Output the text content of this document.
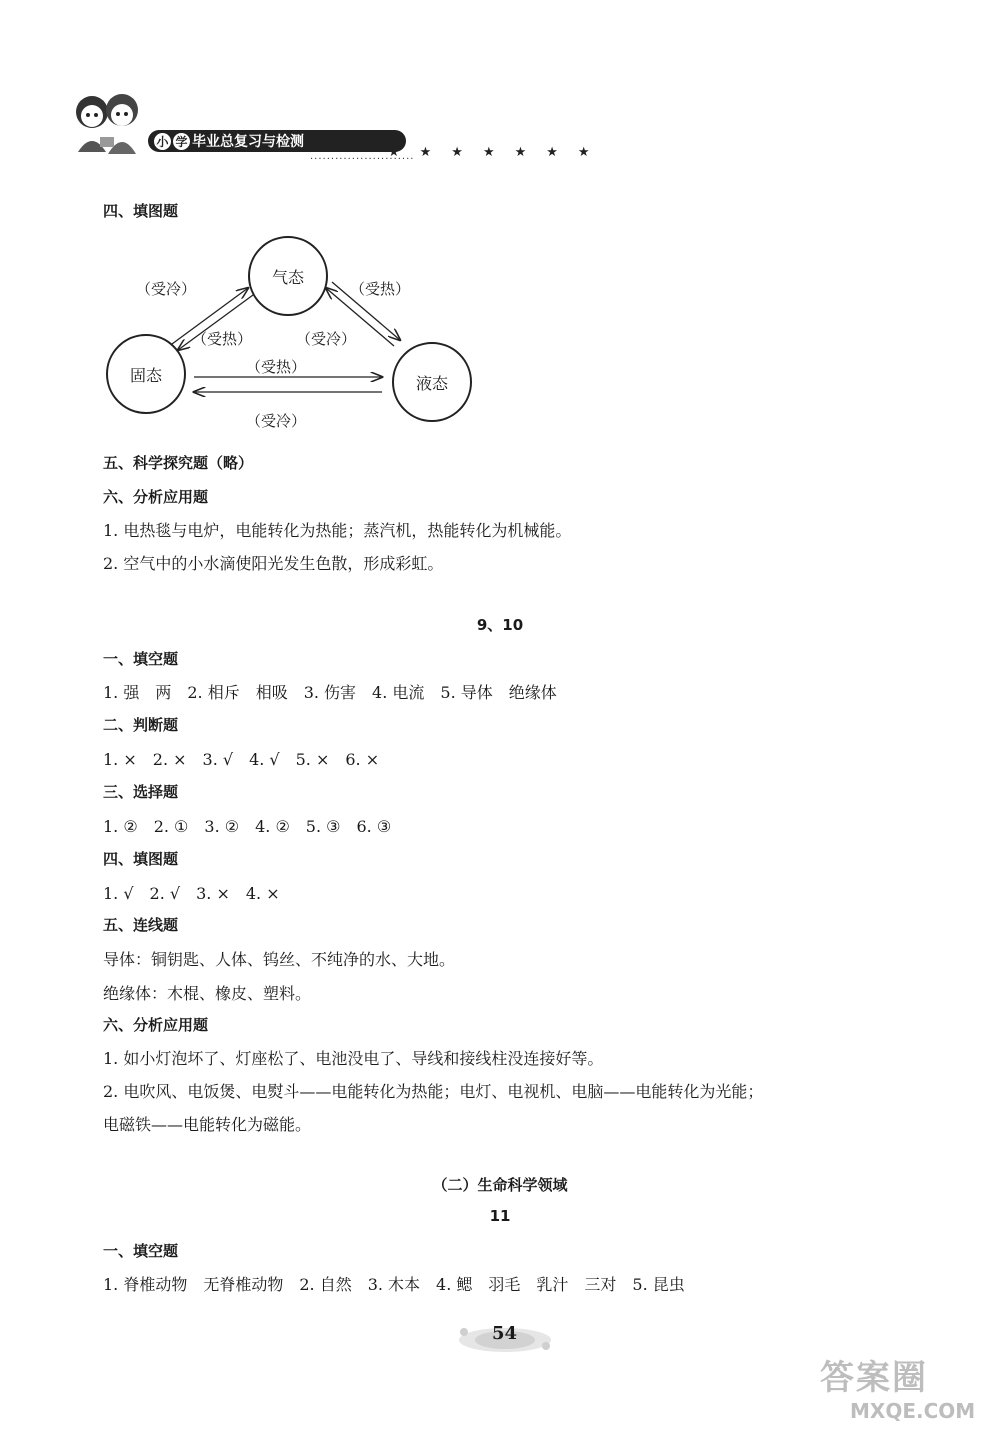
小 学 毕业总复习与检测
·························
★★★★★★★
四、填图题
气态
固态	液态
（受冷）
（受热）
（受热）
（受冷）
（受热）
（受冷）
五、科学探究题（略）
六、分析应用题
1. 电热毯与电炉，电能转化为热能；蒸汽机，热能转化为机械能。
2. 空气中的小水滴使阳光发生色散，形成彩虹。
9、10
一、填空题
1. 强　两　2. 相斥　相吸　3. 伤害　4. 电流　5. 导体　绝缘体
二、判断题
1. ×　2. ×　3. √　4. √　5. ×　6. ×
三、选择题
1. ②　2. ①　3. ②　4. ②　5. ③　6. ③
四、填图题
1. √　2. √　3. ×　4. ×
五、连线题
导体：铜钥匙、人体、钨丝、不纯净的水、大地。
绝缘体：木棍、橡皮、塑料。
六、分析应用题
1. 如小灯泡坏了、灯座松了、电池没电了、导线和接线柱没连接好等。
2. 电吹风、电饭煲、电熨斗——电能转化为热能；电灯、电视机、电脑——电能转化为光能；
电磁铁——电能转化为磁能。
（二）生命科学领域
11
一、填空题
1. 脊椎动物　无脊椎动物　2. 自然　3. 木本　4. 鳃　羽毛　乳汁　三对　5. 昆虫
54
答案圈
MXQE.COM
